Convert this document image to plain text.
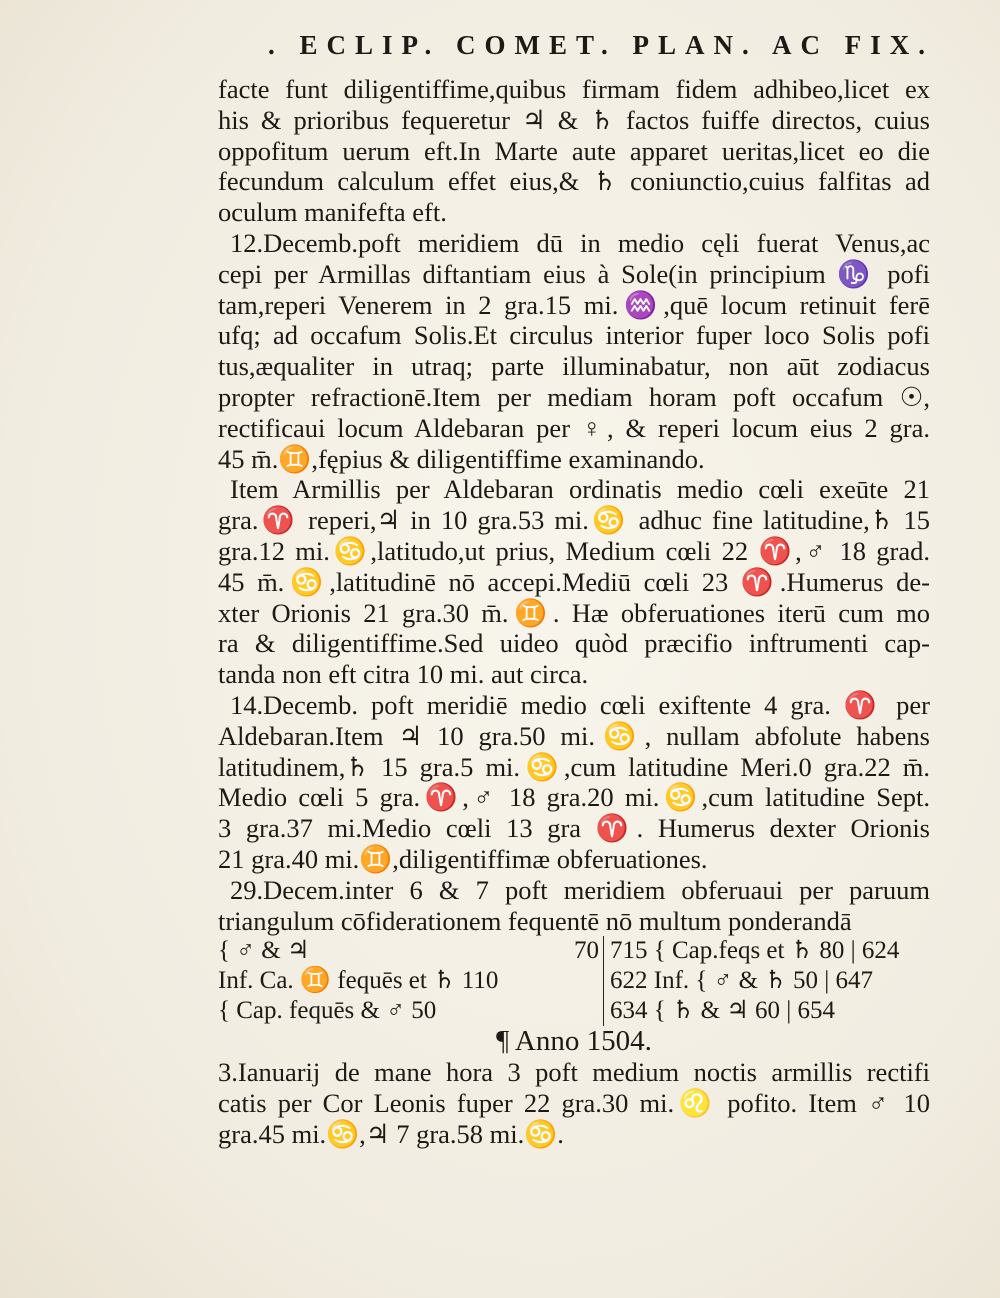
. ECLIP. COMET. PLAN. AC FIX.
facte funt diligentiffime,quibus firmam fidem adhibeo,licet ex
his & prioribus fequeretur ♃ & ♄ factos fuiffe directos, cuius
oppofitum uerum eft.In Marte aute apparet ueritas,licet eo die
fecundum calculum effet eius,& ♄ coniunctio,cuius falfitas ad
oculum manifefta eft.
12.Decemb.poft meridiem dū in medio cęli fuerat Venus,ac
cepi per Armillas diftantiam eius à Sole(in principium ♑ pofi
tam,reperi Venerem in 2 gra.15 mi.♒,quē locum retinuit ferē
ufq; ad occafum Solis.Et circulus interior fuper loco Solis pofi
tus,æqualiter in utraq; parte illuminabatur, non aūt zodiacus
propter refractionē.Item per mediam horam poft occafum ☉,
rectificaui locum Aldebaran per ♀, & reperi locum eius 2 gra.
45 m̄.♊,fępius & diligentiffime examinando.
Item Armillis per Aldebaran ordinatis medio cœli exeūte 21
gra.♈ reperi,♃ in 10 gra.53 mi.♋ adhuc fine latitudine,♄ 15
gra.12 mi.♋,latitudo,ut prius, Medium cœli 22 ♈,♂ 18 grad.
45 m̄.♋,latitudinē nō accepi.Mediū cœli 23 ♈.Humerus de-
xter Orionis 21 gra.30 m̄.♊. Hæ obferuationes iterū cum mo
ra & diligentiffime.Sed uideo quòd præcifio inftrumenti cap-
tanda non eft citra 10 mi. aut circa.
14.Decemb. poft meridiē medio cœli exiftente 4 gra. ♈ per
Aldebaran.Item ♃ 10 gra.50 mi.♋, nullam abfolute habens
latitudinem,♄ 15 gra.5 mi.♋,cum latitudine Meri.0 gra.22 m̄.
Medio cœli 5 gra.♈,♂ 18 gra.20 mi.♋,cum latitudine Sept.
3 gra.37 mi.Medio cœli 13 gra ♈. Humerus dexter Orionis
21 gra.40 mi.♊,diligentiffimæ obferuationes.
29.Decem.inter 6 & 7 poft meridiem obferuaui per paruum
triangulum cōfiderationem fequentē nō multum ponderandā
{ ♂ & ♃	70 715 { Cap.feqs et ♄ 80 | 624
Inf. Ca. ♊ fequēs et ♄ 110	622 Inf. { ♂ & ♄ 50 | 647
{ Cap. fequēs & ♂ 50	634 { ♄ & ♃ 60 | 654
¶ Anno 1504.
3.Ianuarij de mane hora 3 poft medium noctis armillis rectifi
catis per Cor Leonis fuper 22 gra.30 mi.♌ pofito. Item ♂ 10
gra.45 mi.♋,♃ 7 gra.58 mi.♋.
